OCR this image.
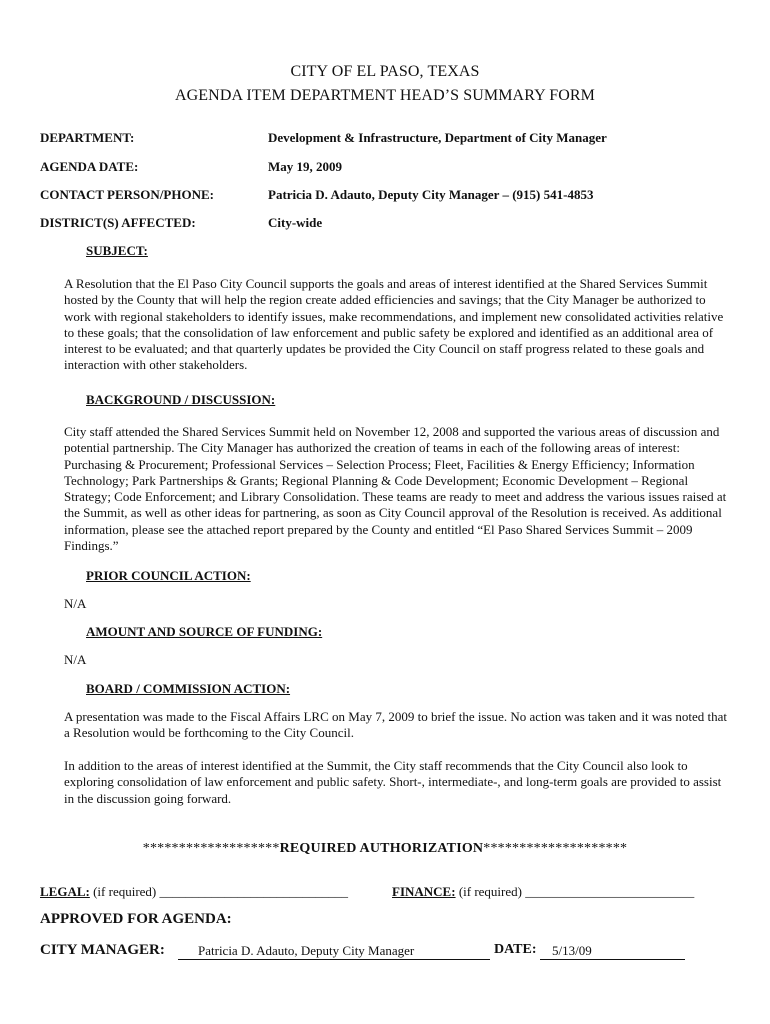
CITY OF EL PASO, TEXAS
AGENDA ITEM DEPARTMENT HEAD’S SUMMARY FORM
DEPARTMENT:	Development & Infrastructure, Department of City Manager
AGENDA DATE:	May 19, 2009
CONTACT PERSON/PHONE:	Patricia D. Adauto, Deputy City Manager – (915) 541-4853
DISTRICT(S) AFFECTED:	City-wide
SUBJECT:
A Resolution that the El Paso City Council supports the goals and areas of interest identified at the Shared Services Summit hosted by the County that will help the region create added efficiencies and savings; that the City Manager be authorized to work with regional stakeholders to identify issues, make recommendations, and implement new consolidated activities relative to these goals; that the consolidation of law enforcement and public safety be explored and identified as an additional area of interest to be evaluated; and that quarterly updates be provided the City Council on staff progress related to these goals and interaction with other stakeholders.
BACKGROUND / DISCUSSION:
City staff attended the Shared Services Summit held on November 12, 2008 and supported the various areas of discussion and potential partnership. The City Manager has authorized the creation of teams in each of the following areas of interest: Purchasing & Procurement; Professional Services – Selection Process; Fleet, Facilities & Energy Efficiency; Information Technology; Park Partnerships & Grants; Regional Planning & Code Development; Economic Development – Regional Strategy; Code Enforcement; and Library Consolidation. These teams are ready to meet and address the various issues raised at the Summit, as well as other ideas for partnering, as soon as City Council approval of the Resolution is received. As additional information, please see the attached report prepared by the County and entitled “El Paso Shared Services Summit – 2009 Findings.”
PRIOR COUNCIL ACTION:
N/A
AMOUNT AND SOURCE OF FUNDING:
N/A
BOARD / COMMISSION ACTION:
A presentation was made to the Fiscal Affairs LRC on May 7, 2009 to brief the issue. No action was taken and it was noted that a Resolution would be forthcoming to the City Council.
In addition to the areas of interest identified at the Summit, the City staff recommends that the City Council also look to exploring consolidation of law enforcement and public safety. Short-, intermediate-, and long-term goals are provided to assist in the discussion going forward.
*******************REQUIRED AUTHORIZATION********************
LEGAL: (if required) _____________________________	FINANCE: (if required) __________________________
APPROVED FOR AGENDA:
CITY MANAGER:	Patricia D. Adauto, Deputy City Manager	DATE:	5/13/09
